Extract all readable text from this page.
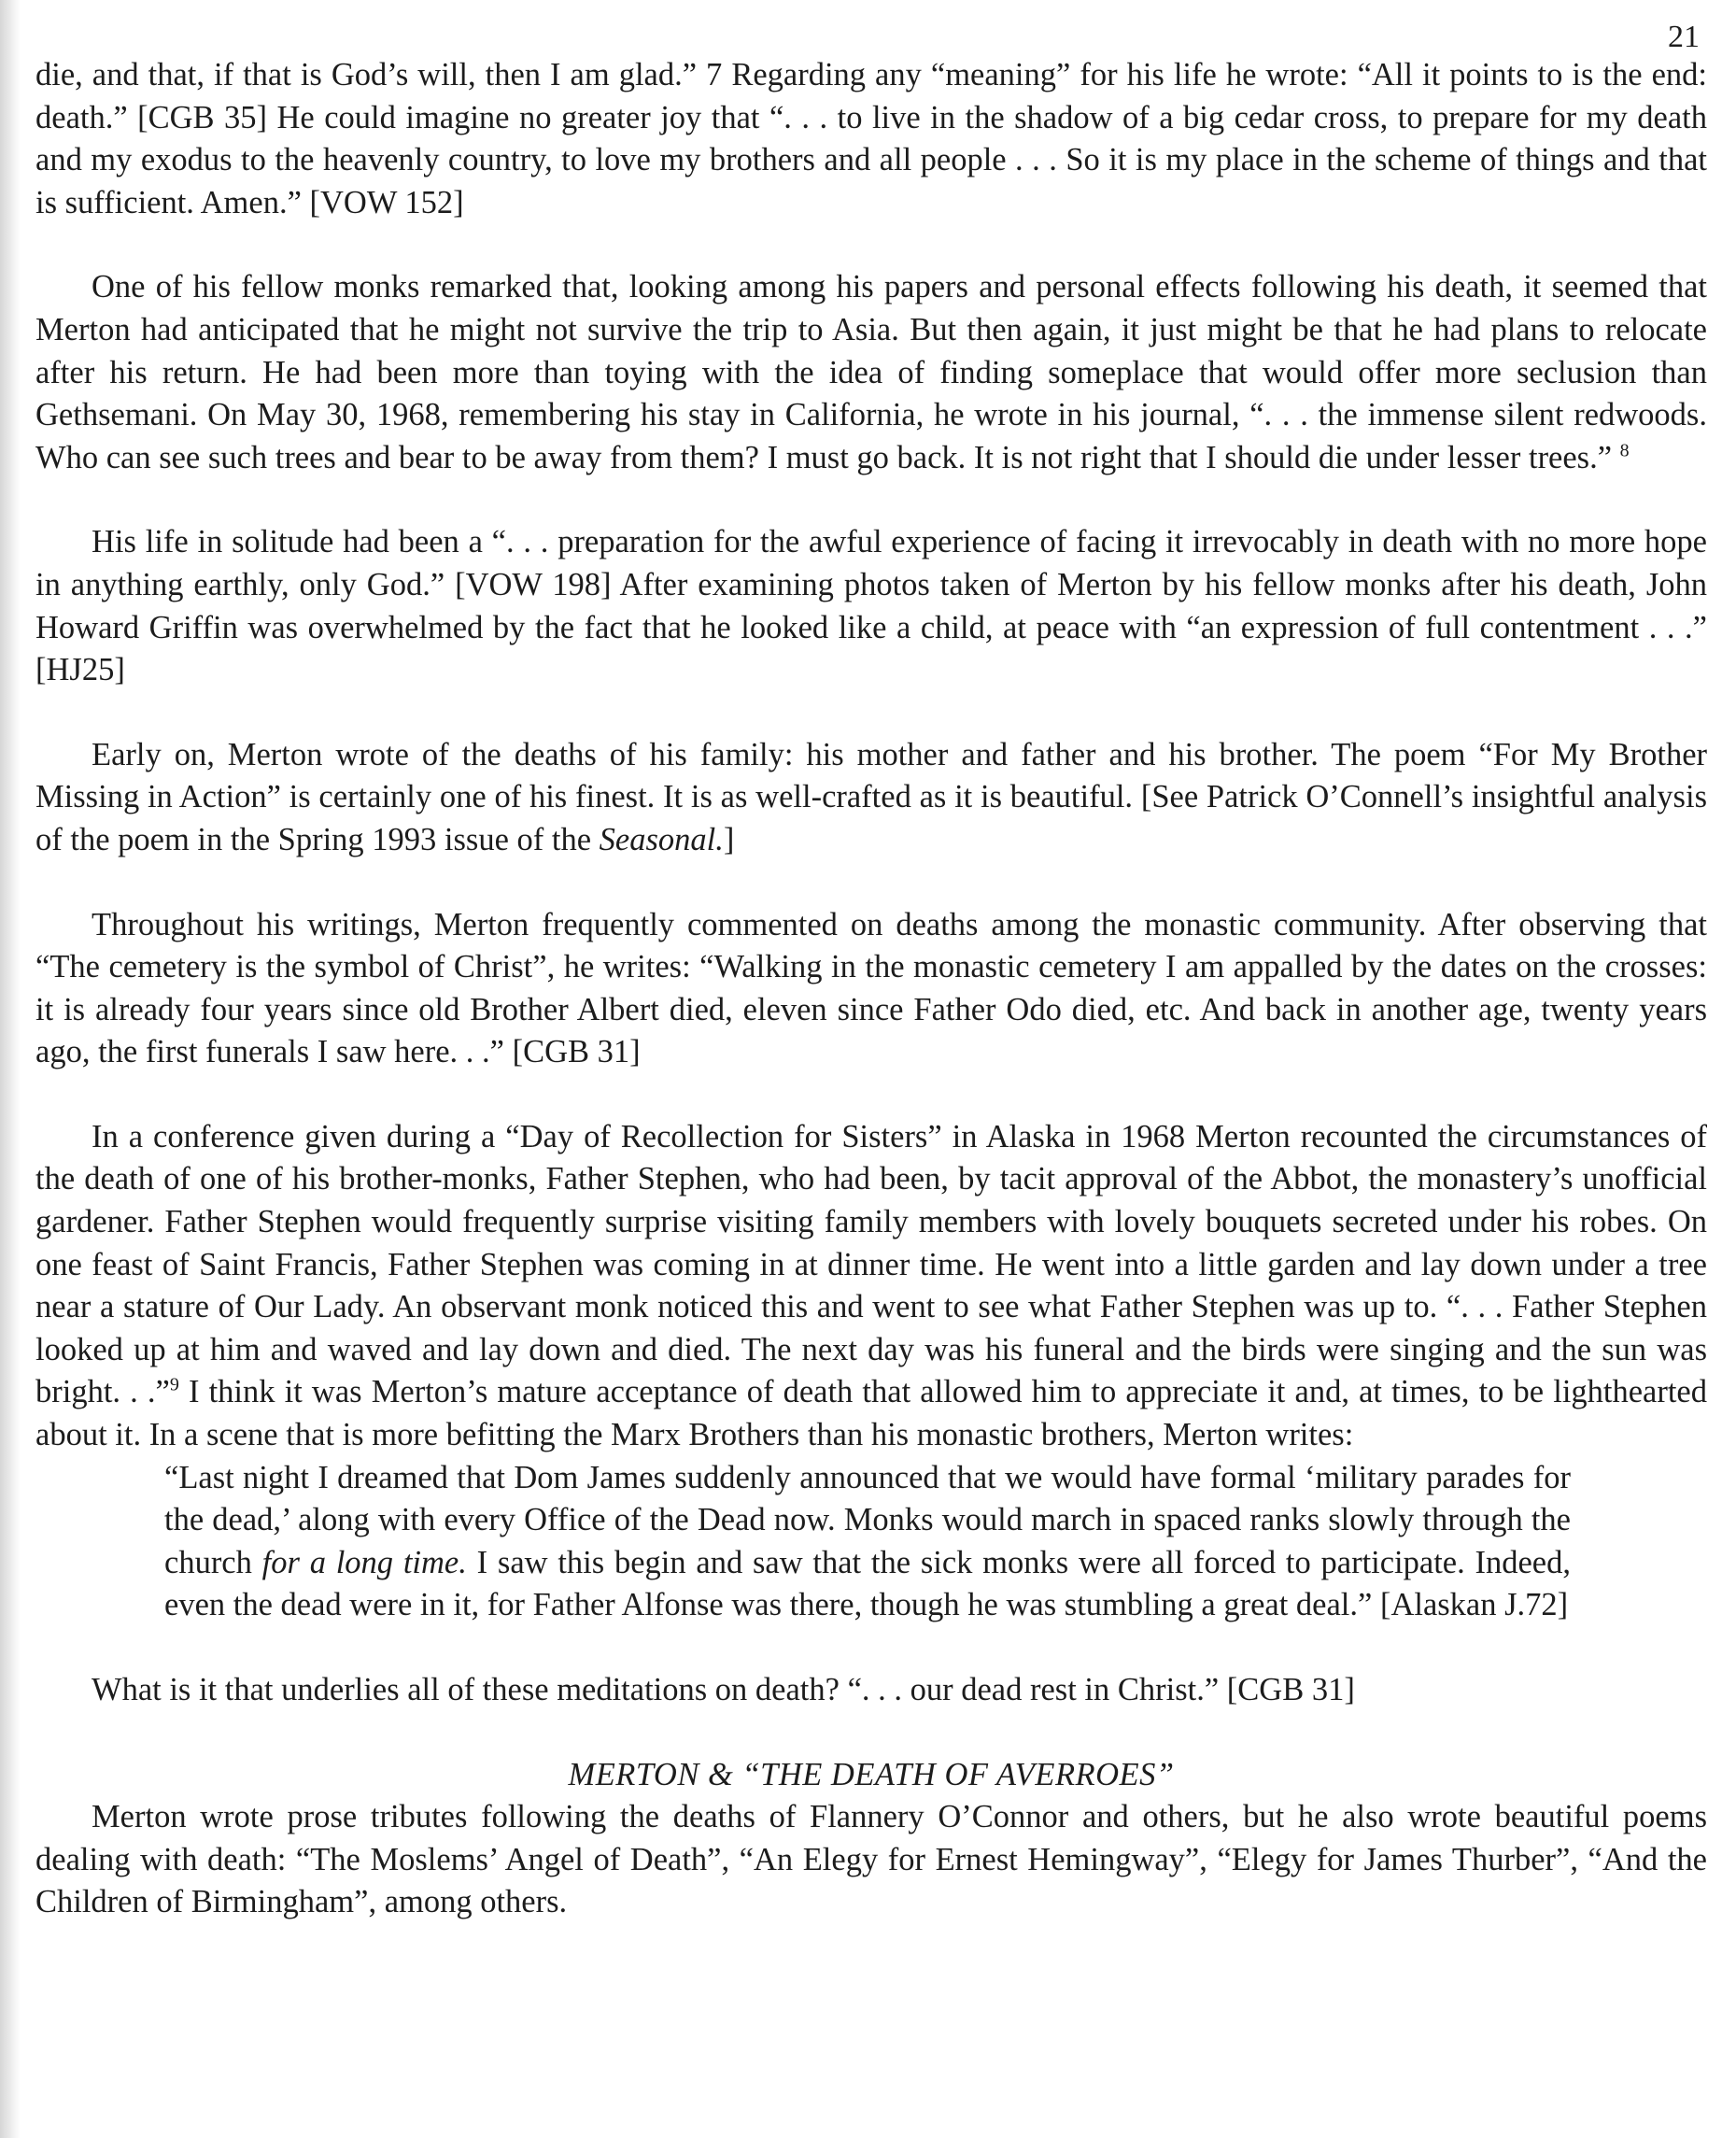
21

die, and that, if that is God’s will, then I am glad.” 7 Regarding any “meaning” for his life he wrote: “All it points to is the end: death.” [CGB 35] He could imagine no greater joy that “. . . to live in the shadow of a big cedar cross, to prepare for my death and my exodus to the heavenly country, to love my brothers and all people . . . So it is my place in the scheme of things and that is sufficient. Amen.” [VOW 152]

One of his fellow monks remarked that, looking among his papers and personal effects following his death, it seemed that Merton had anticipated that he might not survive the trip to Asia. But then again, it just might be that he had plans to relocate after his return. He had been more than toying with the idea of finding someplace that would offer more seclusion than Gethsemani. On May 30, 1968, remembering his stay in California, he wrote in his journal, “. . . the immense silent redwoods. Who can see such trees and bear to be away from them? I must go back. It is not right that I should die under lesser trees.” $^8$

His life in solitude had been a “. . . preparation for the awful experience of facing it irrevocably in death with no more hope in anything earthly, only God.” [VOW 198] After examining photos taken of Merton by his fellow monks after his death, John Howard Griffin was overwhelmed by the fact that he looked like a child, at peace with “an expression of full contentment . . .” [HJ25]

Early on, Merton wrote of the deaths of his family: his mother and father and his brother. The poem “For My Brother Missing in Action” is certainly one of his finest. It is as well-crafted as it is beautiful. [See Patrick O’Connell’s insightful analysis of the poem in the Spring 1993 issue of the Seasonal.]

Throughout his writings, Merton frequently commented on deaths among the monastic community. After observing that “The cemetery is the symbol of Christ”, he writes: “Walking in the monastic cemetery I am appalled by the dates on the crosses: it is already four years since old Brother Albert died, eleven since Father Odo died, etc. And back in another age, twenty years ago, the first funerals I saw here. . .” [CGB 31]

In a conference given during a “Day of Recollection for Sisters” in Alaska in 1968 Merton recounted the circumstances of the death of one of his brother-monks, Father Stephen, who had been, by tacit approval of the Abbot, the monastery’s unofficial gardener. Father Stephen would frequently surprise visiting family members with lovely bouquets secreted under his robes. On one feast of Saint Francis, Father Stephen was coming in at dinner time. He went into a little garden and lay down under a tree near a stature of Our Lady. An observant monk noticed this and went to see what Father Stephen was up to. “. . . Father Stephen looked up at him and waved and lay down and died. The next day was his funeral and the birds were singing and the sun was bright. . .”$^9$ I think it was Merton’s mature acceptance of death that allowed him to appreciate it and, at times, to be lighthearted about it. In a scene that is more befitting the Marx Brothers than his monastic brothers, Merton writes:

“Last night I dreamed that Dom James suddenly announced that we would have formal ‘military parades for the dead,’ along with every Office of the Dead now. Monks would march in spaced ranks slowly through the church for a long time. I saw this begin and saw that the sick monks were all forced to participate. Indeed, even the dead were in it, for Father Alfonse was there, though he was stumbling a great deal.” [Alaskan J.72]

What is it that underlies all of these meditations on death? “. . . our dead rest in Christ.” [CGB 31]

MERTON & “THE DEATH OF AVERROES”

Merton wrote prose tributes following the deaths of Flannery O’Connor and others, but he also wrote beautiful poems dealing with death: “The Moslems’ Angel of Death”, “An Elegy for Ernest Hemingway”, “Elegy for James Thurber”, “And the Children of Birmingham”, among others.
